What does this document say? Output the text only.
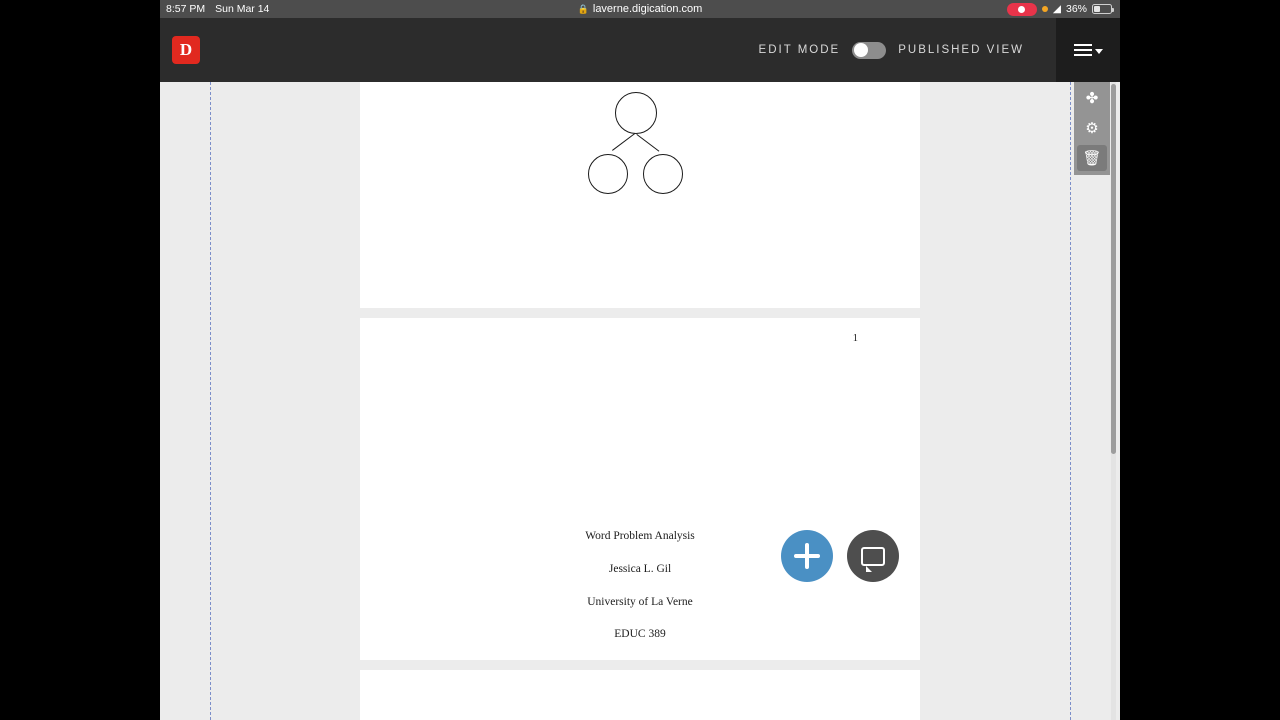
8:57 PM Sun Mar 14	🔒 laverne.digication.com	◢ 36%
D	EDIT MODE	PUBLISHED VIEW
1
Word Problem Analysis
Jessica L. Gil
University of La Verne
EDUC 389
✤
⚙
🗑
